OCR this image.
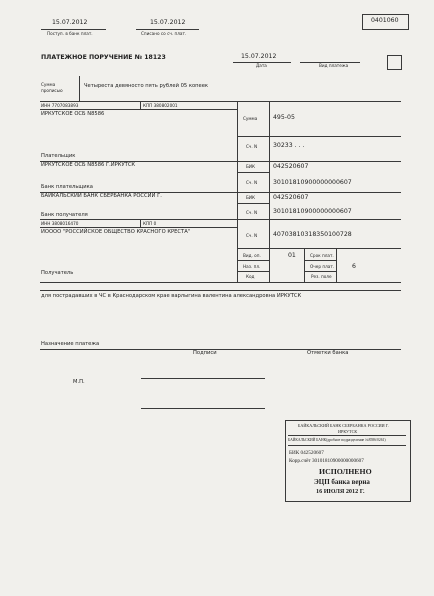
15.07.2012
Поступ. в банк плат.
15.07.2012
Списано со сч. плат.
0401060
ПЛАТЕЖНОЕ ПОРУЧЕНИЕ № 18123	15.07.2012
Дата	Вид платежа
Сумма
прописью
Четыреста девяносто пять рублей 05 копеек
ИНН 7707083893	КПП 380802001
ИРКУТСКОЕ ОСБ N8586
Сумма	495-05
Сч. N	30233 . . .
Плательщик
ИРКУТСКОЕ ОСБ N8586 Г.ИРКУТСК	БИК	042520607
Сч. N	30101810900000000607
Банк плательщика
БАЙКАЛЬСКИЙ БАНК СБЕРБАНКА РОССИИ Г.	БИК	042520607
Сч. N	30101810900000000607
Банк получателя
ИНН 3808016470	КПП 0
ИОООО "РОССИЙСКОЕ ОБЩЕСТВО КРАСНОГО КРЕСТА"
Сч. N	40703810318350100728
Вид. оп.	01	Срок плат.
Наз. пл.	Очер плат.	6
Код	Рез. поле
Получатель
для пострадавших в ЧС в Краснодарском крае варлыгина валентина александровна ИРКУТСК
Назначение платежа
Подписи	Отметки банка
М.П.
БАЙКАЛЬСКИЙ БАНК СБЕРБАНКА РОССИИ Г.
ИРКУТСК
БАЙКАЛЬСКИЙ БАНК(дробное подразделение №8586/0261)
БИК 042520607
Корр.счёт 30101810900000000607
ИСПОЛНЕНО
ЭЦП банка верна
16 ИЮЛЯ 2012 Г.
